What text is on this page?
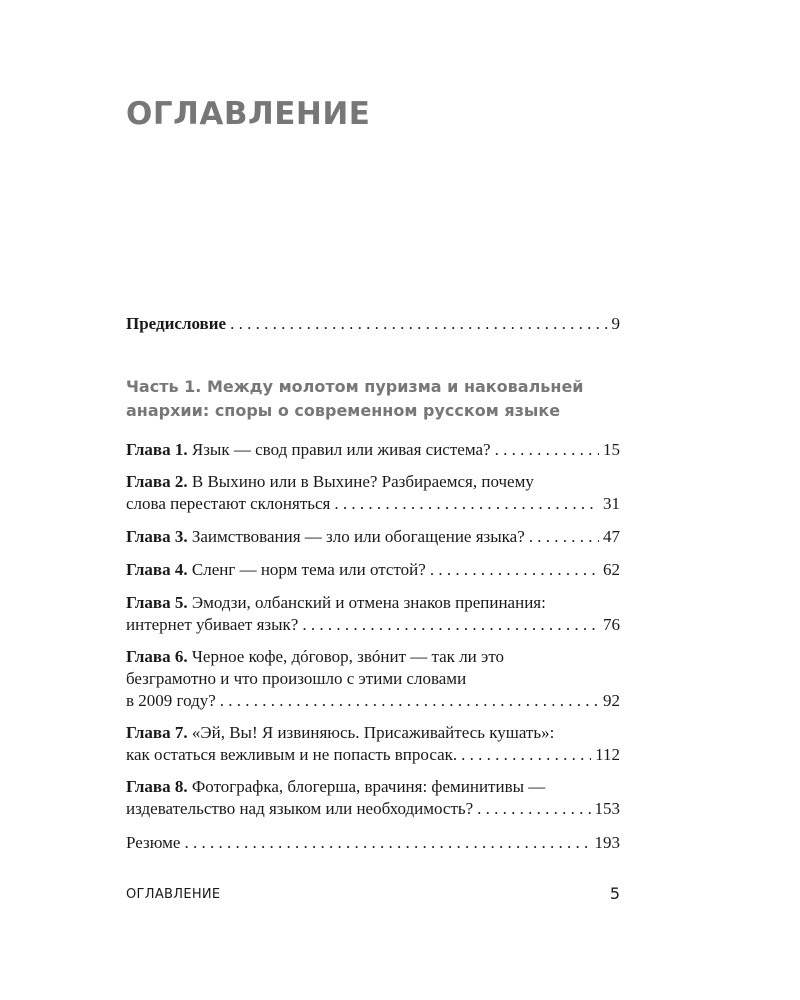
ОГЛАВЛЕНИЕ
Предисловие . . .	9
Часть 1. Между молотом пуризма и наковальней
анархии: споры о современном русском языке
Глава 1. Язык — свод правил или живая система? . . .	15
Глава 2. В Выхино или в Выхине? Разбираемся, почему
слова перестают склоняться . . .	31
Глава 3. Заимствования — зло или обогащение языка? . . .	47
Глава 4. Сленг — норм тема или отстой? . . .	62
Глава 5. Эмодзи, олбанский и отмена знаков препинания:
интернет убивает язык? . . .	76
Глава 6. Черное кофе, дóговор, звóнит — так ли это
безграмотно и что произошло с этими словами
в 2009 году? . . .	92
Глава 7. «Эй, Вы! Я извиняюсь. Присаживайтесь кушать»:
как остаться вежливым и не попасть впросак. . . .	112
Глава 8. Фотографка, блогерша, врачиня: феминитивы —
издевательство над языком или необходимость? . . .	153
Резюме . . .	193
ОГЛАВЛЕНИЕ	5
